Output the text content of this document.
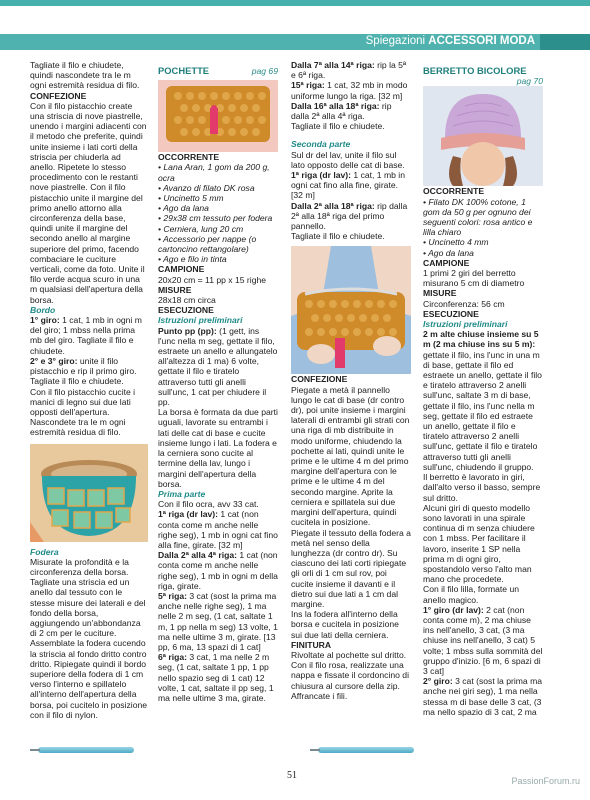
Spiegazioni ACCESSORI MODA

Tagliate il filo e chiudete, quindi nascondete tra le m ogni estremità residua di filo.

CONFEZIONE

Con il filo pistacchio create una striscia di nove piastrelle, unendo i margini adiacenti con il metodo che preferite, quindi unite insieme i lati corti della striscia per chiuderla ad anello. Ripetete lo stesso procedimento con le restanti nove piastrelle. Con il filo pistacchio unite il margine del primo anello attorno alla circonferenza della base, quindi unite il margine del secondo anello al margine superiore del primo, facendo combaciare le cuciture verticali, come da foto. Unite il filo verde acqua scuro in una m qualsiasi dell'apertura della borsa.

Bordo

1° giro: 1 cat, 1 mb in ogni m del giro; 1 mbss nella prima mb del giro. Tagliate il filo e chiudete.

2° e 3° giro: unite il filo pistacchio e rip il primo giro. Tagliate il filo e chiudete.

Con il filo pistacchio cucite i manici di legno sui due lati opposti dell'apertura.

Nascondete tra le m ogni estremità residua di filo.

Fodera

Misurate la profondità e la circonferenza della borsa. Tagliate una striscia ed un anello dal tessuto con le stesse misure dei laterali e del fondo della borsa, aggiungendo un'abbondanza di 2 cm per le cuciture. Assemblate la fodera cucendo la striscia al fondo dritto contro dritto. Ripiegate quindi il bordo superiore della fodera di 1 cm verso l'interno e spillatelo all'interno dell'apertura della borsa, poi cucitelo in posizione con il filo di nylon.

POCHETTE	pag 69

OCCORRENTE

• Lana Aran, 1 gom da 200 g, ocra

• Avanzo di filato DK rosa

• Uncinetto 5 mm

• Ago da lana

• 29x38 cm tessuto per fodera

• Cerniera, lung 20 cm

• Accessorio per nappe (o cartoncino rettangolare)

• Ago e filo in tinta

CAMPIONE

20x20 cm = 11 pp x 15 righe

MISURE

28x18 cm circa

ESECUZIONE

Istruzioni preliminari

Punto pp (pp): (1 gett, ins l'unc nella m seg, gettate il filo, estraete un anello e allungatelo all'altezza di 1 ma) 6 volte, gettate il filo e tiratelo attraverso tutti gli anelli sull'unc, 1 cat per chiudere il pp.

La borsa è formata da due parti uguali, lavorate su entrambi i lati delle cat di base e cucite insieme lungo i lati. La fodera e la cerniera sono cucite al termine della lav, lungo i margini dell'apertura della borsa.

Prima parte

Con il filo ocra, avv 33 cat.

1ª riga (dr lav): 1 cat (non conta come m anche nelle righe seg), 1 mb in ogni cat fino alla fine, girate. [32 m]

Dalla 2ª alla 4ª riga: 1 cat (non conta come m anche nelle righe seg), 1 mb in ogni m della riga, girate.

5ª riga: 3 cat (sost la prima ma anche nelle righe seg), 1 ma nelle 2 m seg, (1 cat, saltate 1 m, 1 pp nella m seg) 13 volte, 1 ma nelle ultime 3 m, girate. [13 pp, 6 ma, 13 spazi di 1 cat]

6ª riga: 3 cat, 1 ma nelle 2 m seg, (1 cat, saltate 1 pp, 1 pp nello spazio seg di 1 cat) 12 volte, 1 cat, saltate il pp seg, 1 ma nelle ultime 3 ma, girate.

Dalla 7ª alla 14ª riga: rip la 5ª e 6ª riga.

15ª riga: 1 cat, 32 mb in modo uniforme lungo la riga. [32 m]

Dalla 16ª alla 18ª riga: rip dalla 2ª alla 4ª riga.

Tagliate il filo e chiudete.

Seconda parte

Sul dr del lav, unite il filo sul lato opposto delle cat di base.

1ª riga (dr lav): 1 cat, 1 mb in ogni cat fino alla fine, girate. [32 m]

Dalla 2ª alla 18ª riga: rip dalla 2ª alla 18ª riga del primo pannello.

Tagliate il filo e chiudete.

CONFEZIONE

Piegate a metà il pannello lungo le cat di base (dr contro dr), poi unite insieme i margini laterali di entrambi gli strati con una riga di mb distribuite in modo uniforme, chiudendo la pochette ai lati, quindi unite le prime e le ultime 4 m del primo margine dell'apertura con le prime e le ultime 4 m del secondo margine. Aprite la cerniera e spillatela sui due margini dell'apertura, quindi cucitela in posizione.

Piegate il tessuto della fodera a metà nel senso della lunghezza (dr contro dr). Su ciascuno dei lati corti ripiegate gli orli di 1 cm sul rov, poi cucite insieme il davanti e il dietro sui due lati a 1 cm dal margine.

Ins la fodera all'interno della borsa e cucitela in posizione sui due lati della cerniera.

FINITURA

Rivoltate al pochette sul dritto. Con il filo rosa, realizzate una nappa e fissate il cordoncino di chiusura al cursore della zip. Affrancate i fili.

BERRETTO BICOLORE
pag 70

OCCORRENTE

• Filato DK 100% cotone, 1 gom da 50 g per ognuno dei seguenti colori: rosa antico e lilla chiaro

• Uncinetto 4 mm

• Ago da lana

CAMPIONE

1 primi 2 giri del berretto misurano 5 cm di diametro

MISURE

Circonferenza: 56 cm

ESECUZIONE

Istruzioni preliminari

2 m alte chiuse insieme su 5 m (2 ma chiuse ins su 5 m): gettate il filo, ins l'unc in una m di base, gettate il filo ed estraete un anello, gettate il filo e tiratelo attraverso 2 anelli sull'unc, saltate 3 m di base, gettate il filo, ins l'unc nella m seg, gettate il filo ed estraete un anello, gettate il filo e tiratelo attraverso 2 anelli sull'unc, gettate il filo e tiratelo attraverso tutti gli anelli sull'unc, chiudendo il gruppo.

Il berretto è lavorato in giri, dall'alto verso il basso, sempre sul dritto.

Alcuni giri di questo modello sono lavorati in una spirale continua di m senza chiudere con 1 mbss. Per facilitare il lavoro, inserite 1 SP nella prima m di ogni giro, spostandolo verso l'alto man mano che procedete.

Con il filo lilla, formate un anello magico.

1° giro (dr lav): 2 cat (non conta come m), 2 ma chiuse ins nell'anello, 3 cat, (3 ma chiuse ins nell'anello, 3 cat) 5 volte; 1 mbss sulla sommità del gruppo d'inizio. [6 m, 6 spazi di 3 cat]

2° giro: 3 cat (sost la prima ma anche nei giri seg), 1 ma nella stessa m di base delle 3 cat, (3 ma nello spazio di 3 cat, 2 ma

51	PassionForum.ru
